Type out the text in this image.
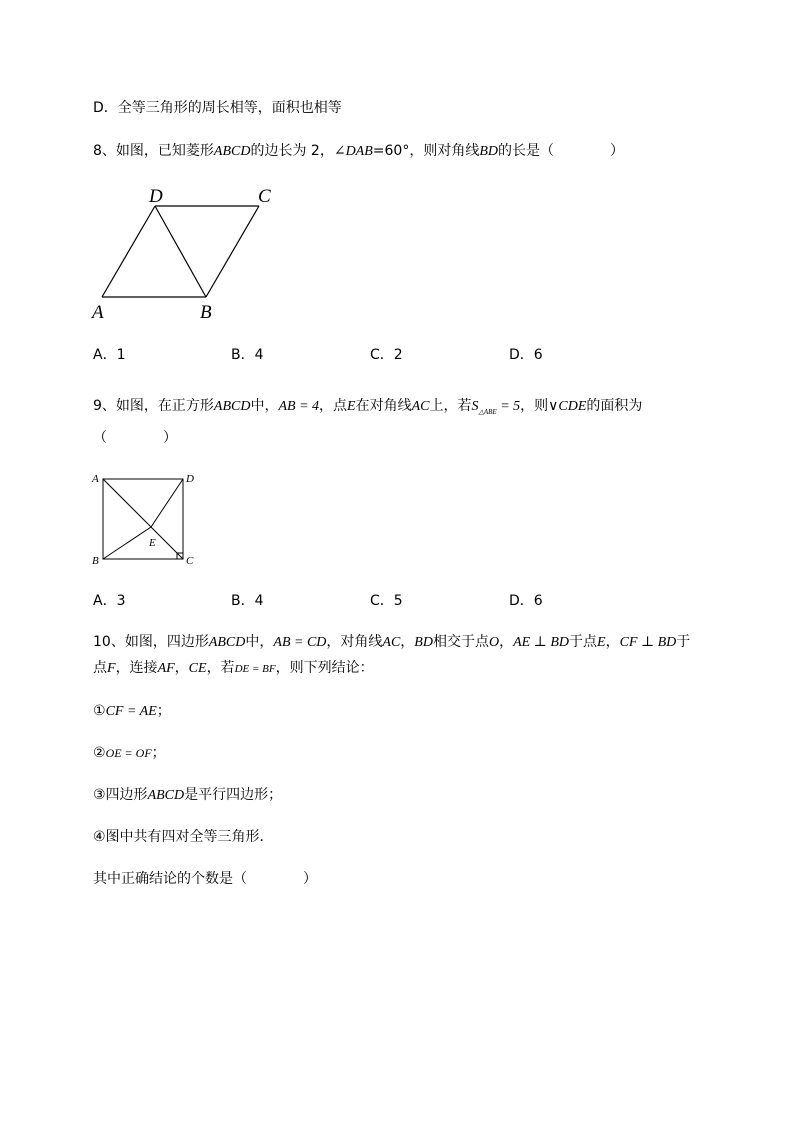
D．全等三角形的周长相等，面积也相等
8、如图，已知菱形ABCD的边长为 2，∠DAB=60°，则对角线BD的长是（　　　　）
A	B
C
D
A．1	B．4	C．2	D．6
9、如图，在正方形ABCD中，AB = 4，点E在对角线AC上，若$S_{\triangle ABE} = 5$，则∨CDE的面积为
（　　　　）
A	D
B	C
E
A．3	B．4	C．5	D．6
10、如图，四边形ABCD中，AB = CD，对角线AC，BD相交于点O，AE ⊥ BD于点E，CF ⊥ BD于
点F，连接AF，CE，若DE = BF，则下列结论：
①CF = AE；
②OE = OF；
③四边形ABCD是平行四边形；
④图中共有四对全等三角形．
其中正确结论的个数是（　　　　）
